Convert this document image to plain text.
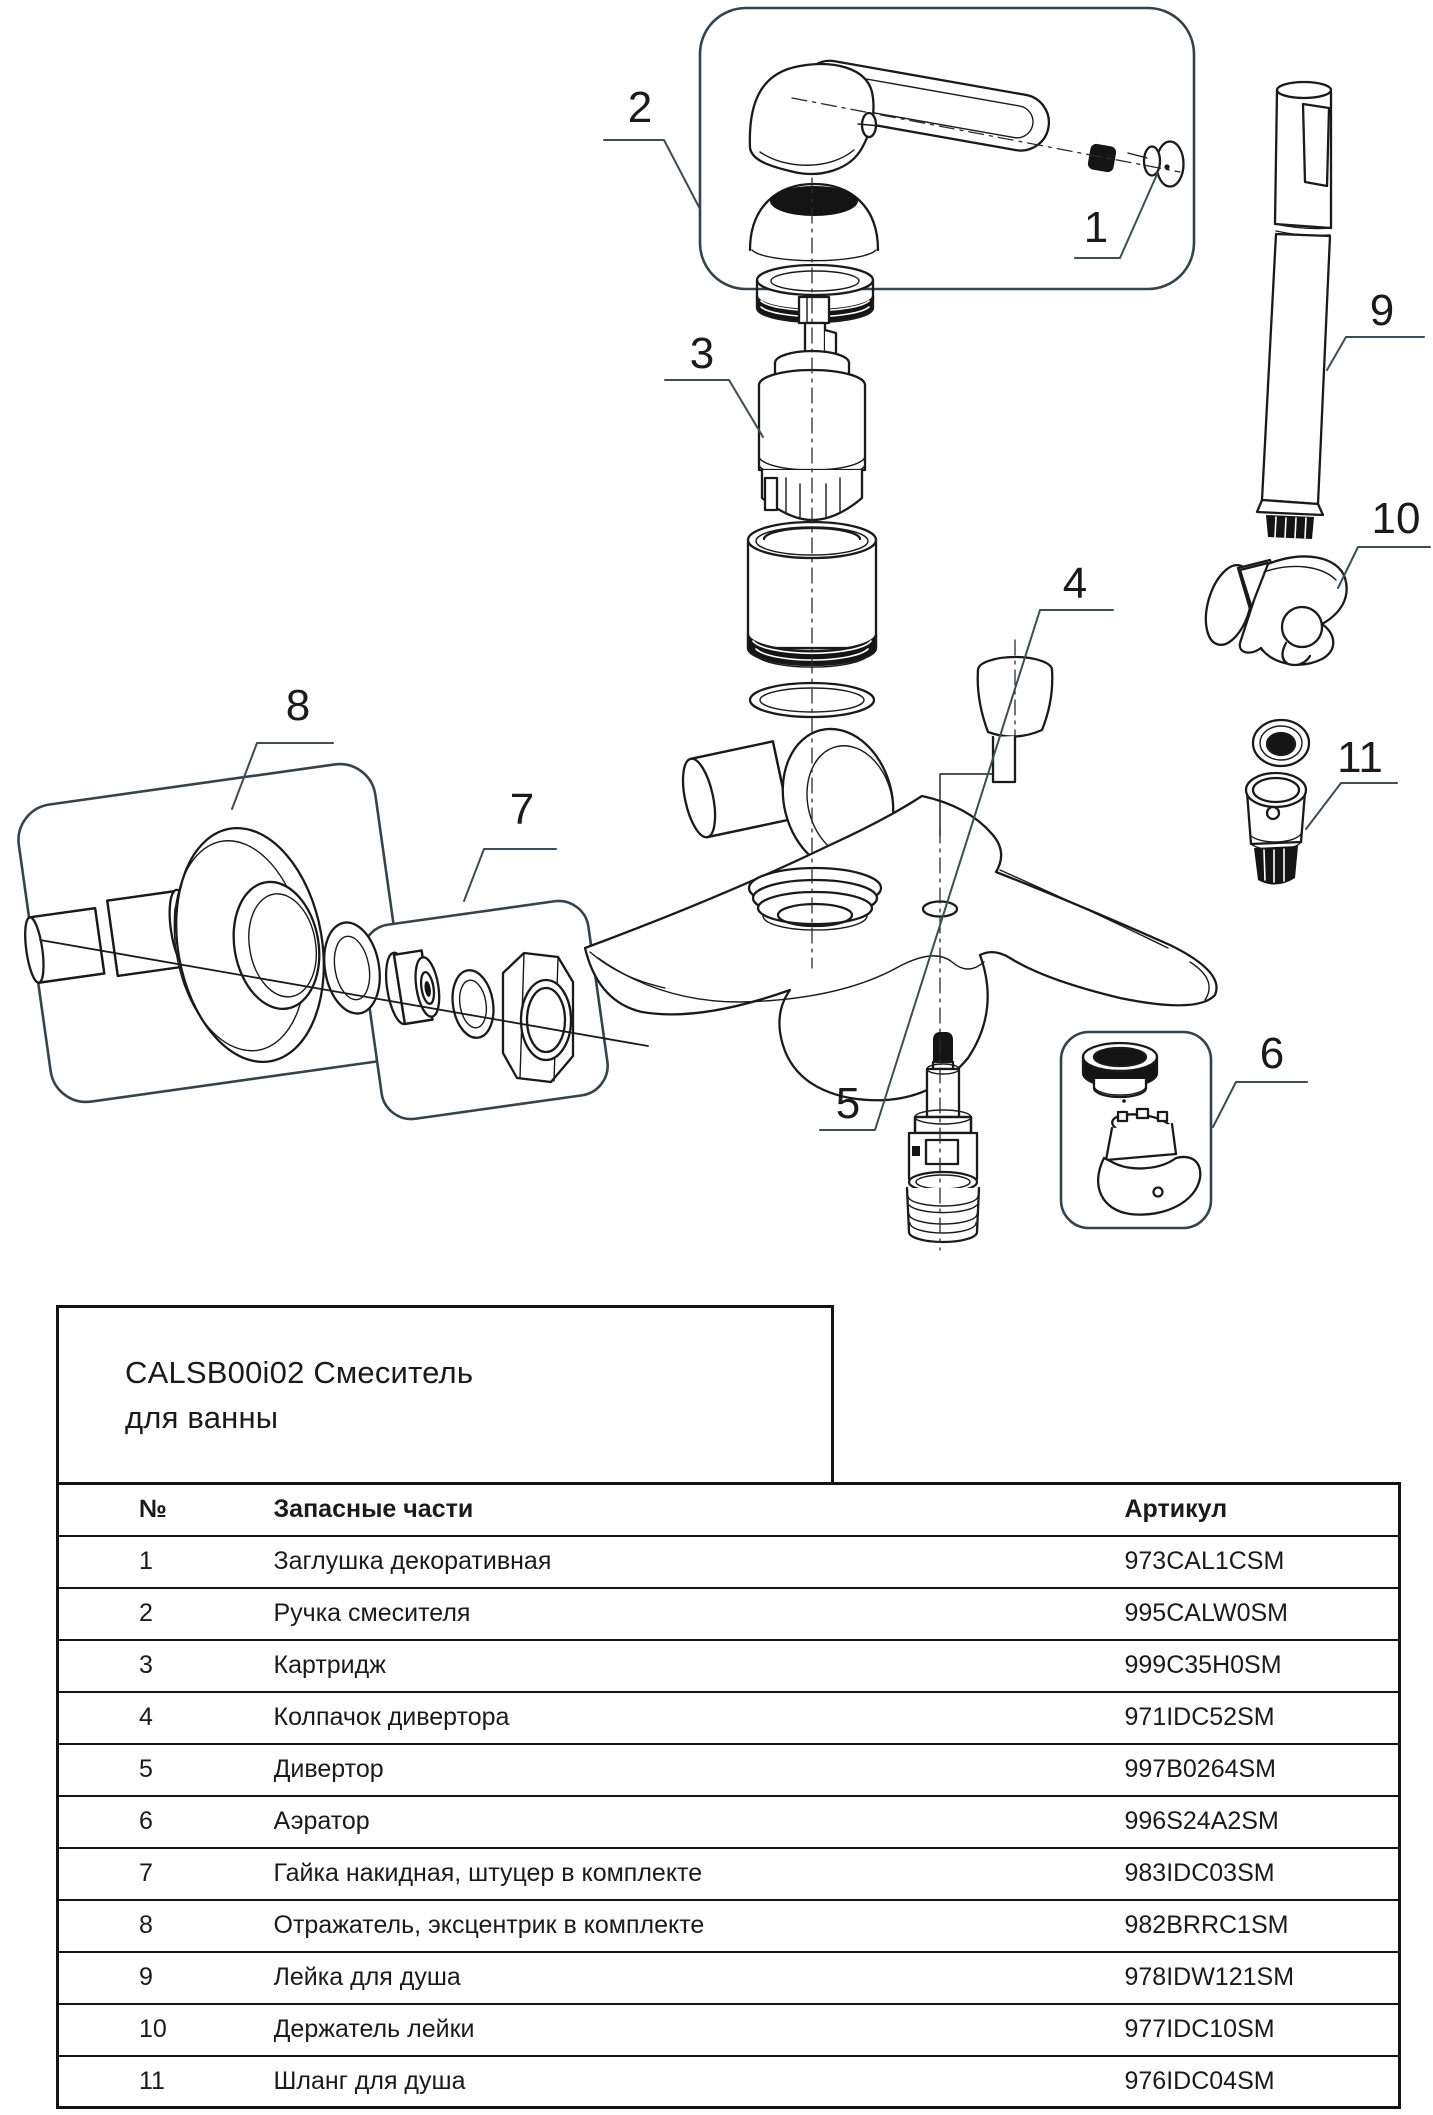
1
2
3
4
5
6
7
8
9
10
11
CALSB00i02 Смеситель
для ванны
№	Запасные части	Артикул
1	Заглушка декоративная	973CAL1CSM
2	Ручка смесителя	995CALW0SM
3	Картридж	999C35H0SM
4	Колпачок дивертора	971IDC52SM
5	Дивертор	997B0264SM
6	Аэратор	996S24A2SM
7	Гайка накидная, штуцер в комплекте	983IDC03SM
8	Отражатель, эксцентрик в комплекте	982BRRC1SM
9	Лейка для душа	978IDW121SM
10	Держатель лейки	977IDC10SM
11	Шланг для душа	976IDC04SM
